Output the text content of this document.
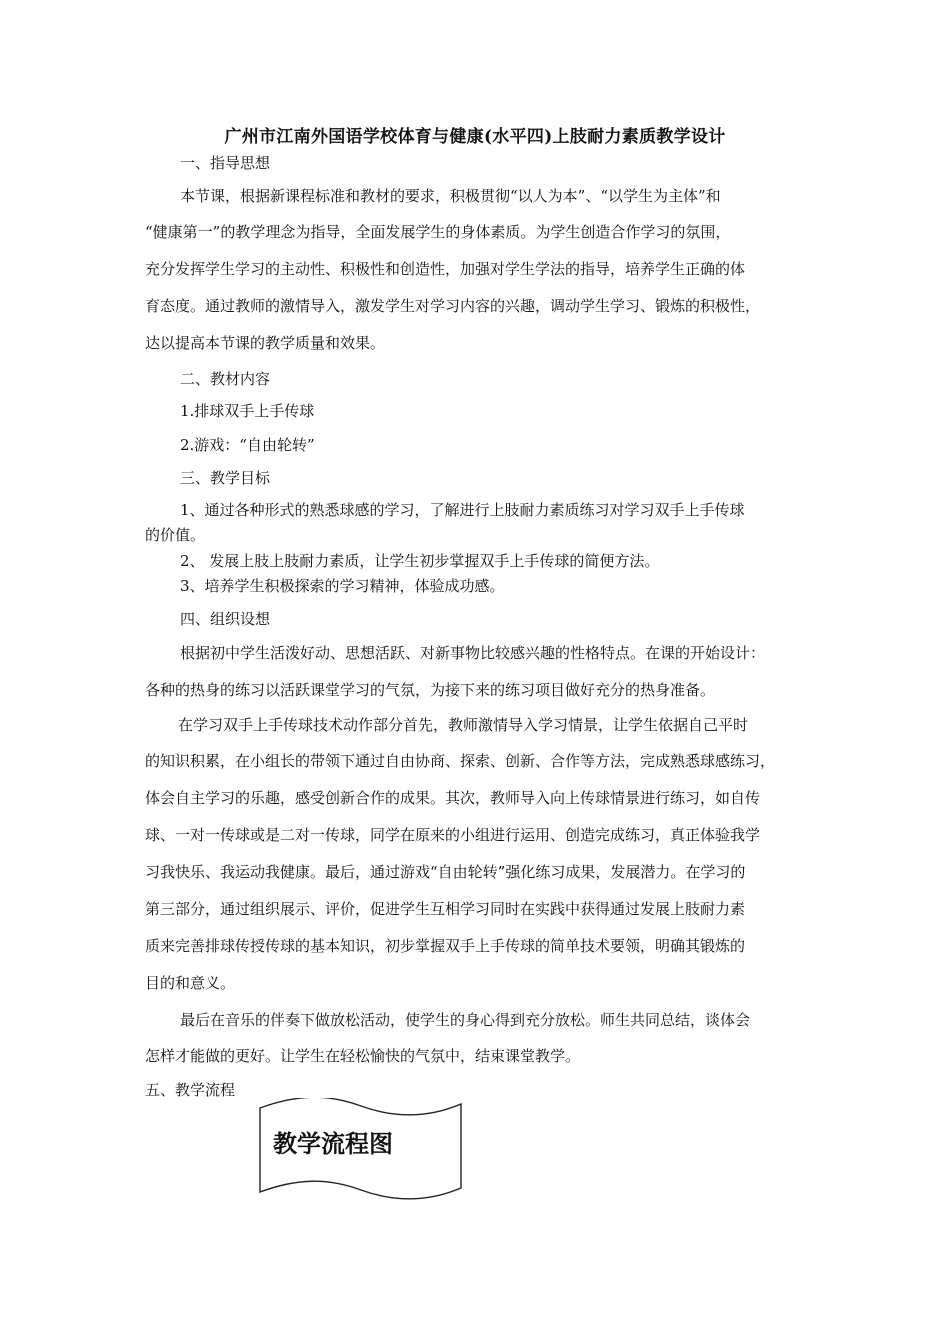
广州市江南外国语学校体育与健康(水平四)上肢耐力素质教学设计
一、指导思想
本节课，根据新课程标准和教材的要求，积极贯彻“以人为本”、“以学生为主体”和
“健康第一”的教学理念为指导，全面发展学生的身体素质。为学生创造合作学习的氛围，
充分发挥学生学习的主动性、积极性和创造性，加强对学生学法的指导，培养学生正确的体
育态度。通过教师的激情导入，激发学生对学习内容的兴趣，调动学生学习、锻炼的积极性，
达以提高本节课的教学质量和效果。
二、教材内容
1.排球双手上手传球
2.游戏：“自由轮转”
三、教学目标
1、通过各种形式的熟悉球感的学习，了解进行上肢耐力素质练习对学习双手上手传球
的价值。
2、 发展上肢上肢耐力素质，让学生初步掌握双手上手传球的简便方法。
3、培养学生积极探索的学习精神，体验成功感。
四、组织设想
根据初中学生活泼好动、思想活跃、对新事物比较感兴趣的性格特点。在课的开始设计：
各种的热身的练习以活跃课堂学习的气氛，为接下来的练习项目做好充分的热身准备。
在学习双手上手传球技术动作部分首先，教师激情导入学习情景，让学生依据自己平时
的知识积累，在小组长的带领下通过自由协商、探索、创新、合作等方法，完成熟悉球感练习，
体会自主学习的乐趣，感受创新合作的成果。其次，教师导入向上传球情景进行练习，如自传
球、一对一传球或是二对一传球，同学在原来的小组进行运用、创造完成练习，真正体验我学
习我快乐、我运动我健康。最后，通过游戏“自由轮转”强化练习成果，发展潜力。在学习的
第三部分，通过组织展示、评价，促进学生互相学习同时在实践中获得通过发展上肢耐力素
质来完善排球传授传球的基本知识，初步掌握双手上手传球的简单技术要领，明确其锻炼的
目的和意义。
最后在音乐的伴奏下做放松活动，使学生的身心得到充分放松。师生共同总结，谈体会
怎样才能做的更好。让学生在轻松愉快的气氛中，结束课堂教学。
五、教学流程
教学流程图
